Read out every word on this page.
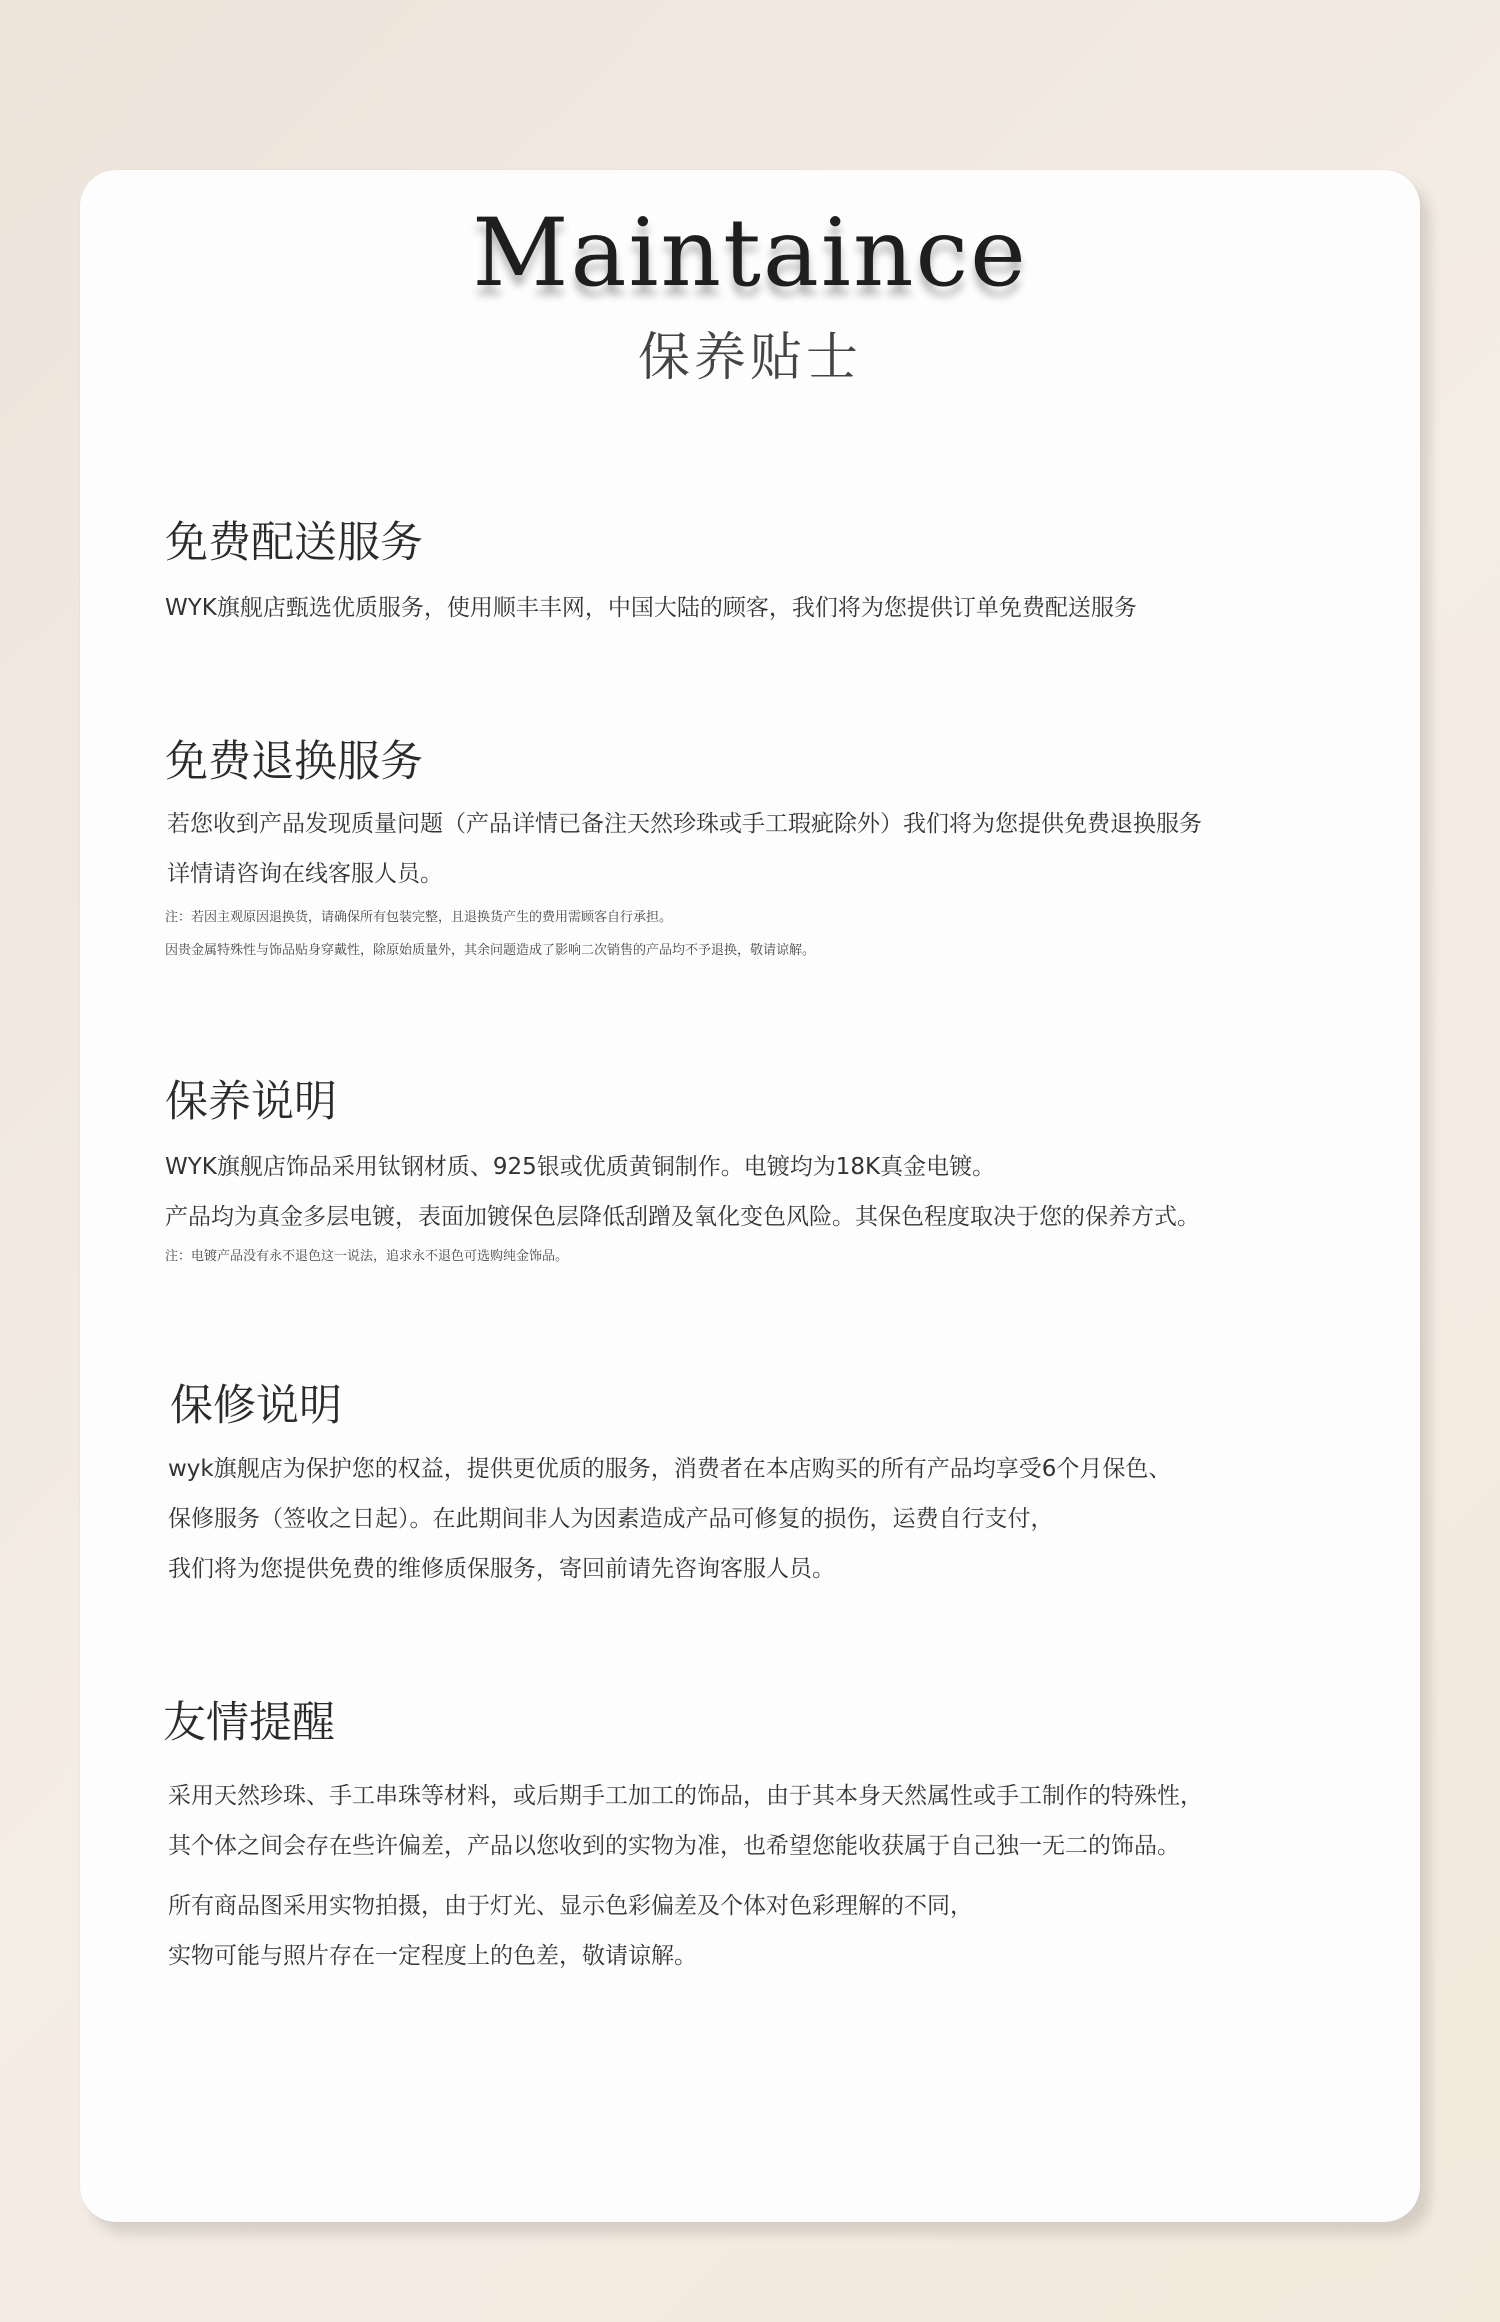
Maintaince
保养贴士
免费配送服务
WYK旗舰店甄选优质服务，使用顺丰丰网，中国大陆的顾客，我们将为您提供订单免费配送服务
免费退换服务
若您收到产品发现质量问题（产品详情已备注天然珍珠或手工瑕疵除外）我们将为您提供免费退换服务
详情请咨询在线客服人员。
注：若因主观原因退换货，请确保所有包装完整，且退换货产生的费用需顾客自行承担。
因贵金属特殊性与饰品贴身穿戴性，除原始质量外，其余问题造成了影响二次销售的产品均不予退换，敬请谅解。
保养说明
WYK旗舰店饰品采用钛钢材质、925银或优质黄铜制作。电镀均为18K真金电镀。
产品均为真金多层电镀，表面加镀保色层降低刮蹭及氧化变色风险。其保色程度取决于您的保养方式。
注：电镀产品没有永不退色这一说法，追求永不退色可选购纯金饰品。
保修说明
wyk旗舰店为保护您的权益，提供更优质的服务，消费者在本店购买的所有产品均享受6个月保色、
保修服务（签收之日起）。在此期间非人为因素造成产品可修复的损伤，运费自行支付，
我们将为您提供免费的维修质保服务，寄回前请先咨询客服人员。
友情提醒
采用天然珍珠、手工串珠等材料，或后期手工加工的饰品，由于其本身天然属性或手工制作的特殊性，
其个体之间会存在些许偏差，产品以您收到的实物为准，也希望您能收获属于自己独一无二的饰品。
所有商品图采用实物拍摄，由于灯光、显示色彩偏差及个体对色彩理解的不同，
实物可能与照片存在一定程度上的色差，敬请谅解。
